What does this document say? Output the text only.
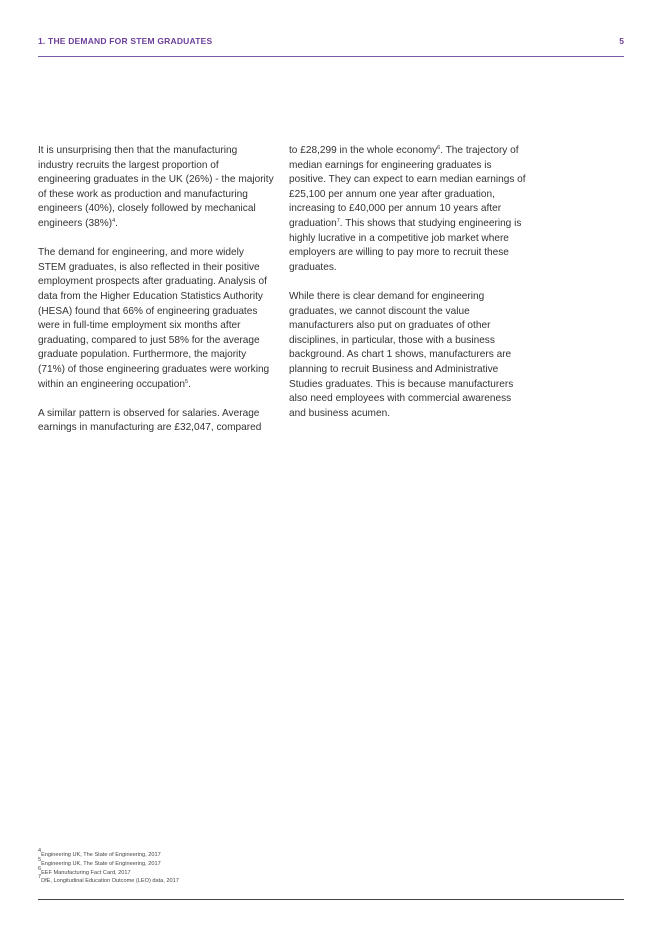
1. THE DEMAND FOR STEM GRADUATES	5

It is unsurprising then that the manufacturing industry recruits the largest proportion of engineering graduates in the UK (26%) - the majority of these work as production and manufacturing engineers (40%), closely followed by mechanical engineers $(38\%)^4$.

The demand for engineering, and more widely STEM graduates, is also reflected in their positive employment prospects after graduating. Analysis of data from the Higher Education Statistics Authority (HESA) found that 66% of engineering graduates were in full-time employment six months after graduating, compared to just 58% for the average graduate population. Furthermore, the majority (71%) of those engineering graduates were working within an engineering occupation$^5$.

A similar pattern is observed for salaries. Average earnings in manufacturing are £32,047, compared

to £28,299 in the whole economy$^6$. The trajectory of median earnings for engineering graduates is positive. They can expect to earn median earnings of £25,100 per annum one year after graduation, increasing to £40,000 per annum 10 years after graduation$^7$. This shows that studying engineering is highly lucrative in a competitive job market where employers are willing to pay more to recruit these graduates.

While there is clear demand for engineering graduates, we cannot discount the value manufacturers also put on graduates of other disciplines, in particular, those with a business background. As chart 1 shows, manufacturers are planning to recruit Business and Administrative Studies graduates. This is because manufacturers also need employees with commercial awareness and business acumen.

$^4$Engineering UK, The State of Engineering, 2017
$^5$Engineering UK, The State of Engineering, 2017
$^6$EEF Manufacturing Fact Card, 2017
$^7$DfE, Longitudinal Education Outcome (LEO) data, 2017
